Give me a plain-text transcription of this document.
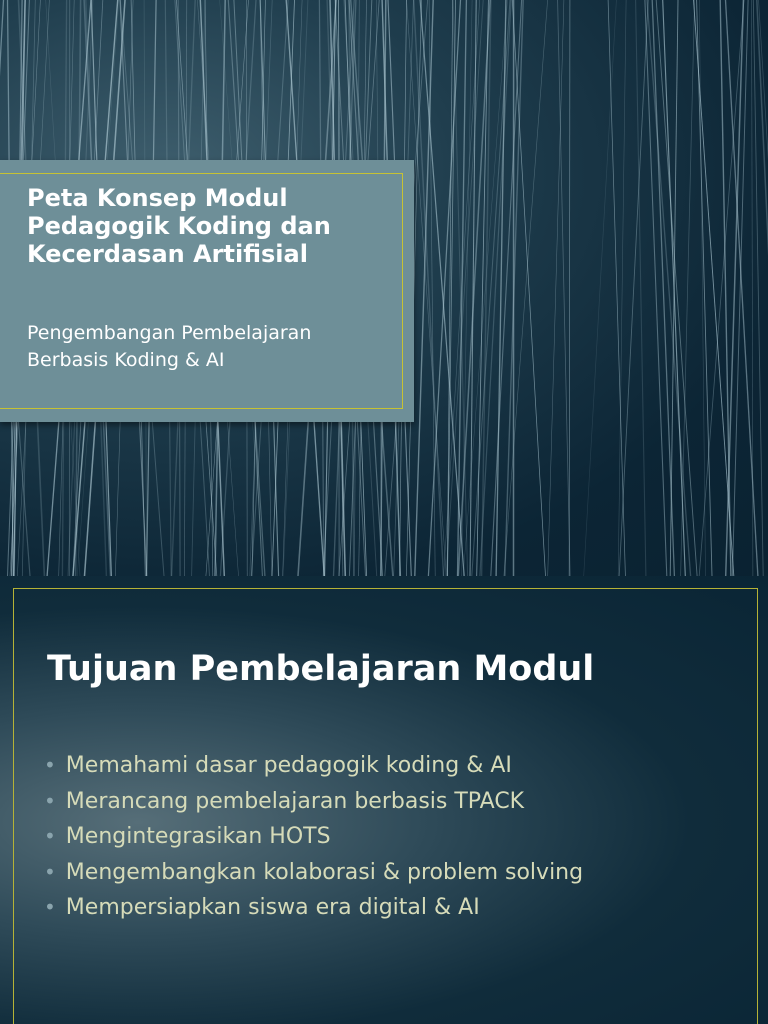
Peta Konsep Modul Pedagogik Koding dan Kecerdasan Artifisial

Pengembangan Pembelajaran Berbasis Koding & AI

Tujuan Pembelajaran Modul
• Memahami dasar pedagogik koding & AI
• Merancang pembelajaran berbasis TPACK
• Mengintegrasikan HOTS
• Mengembangkan kolaborasi & problem solving
• Mempersiapkan siswa era digital & AI
